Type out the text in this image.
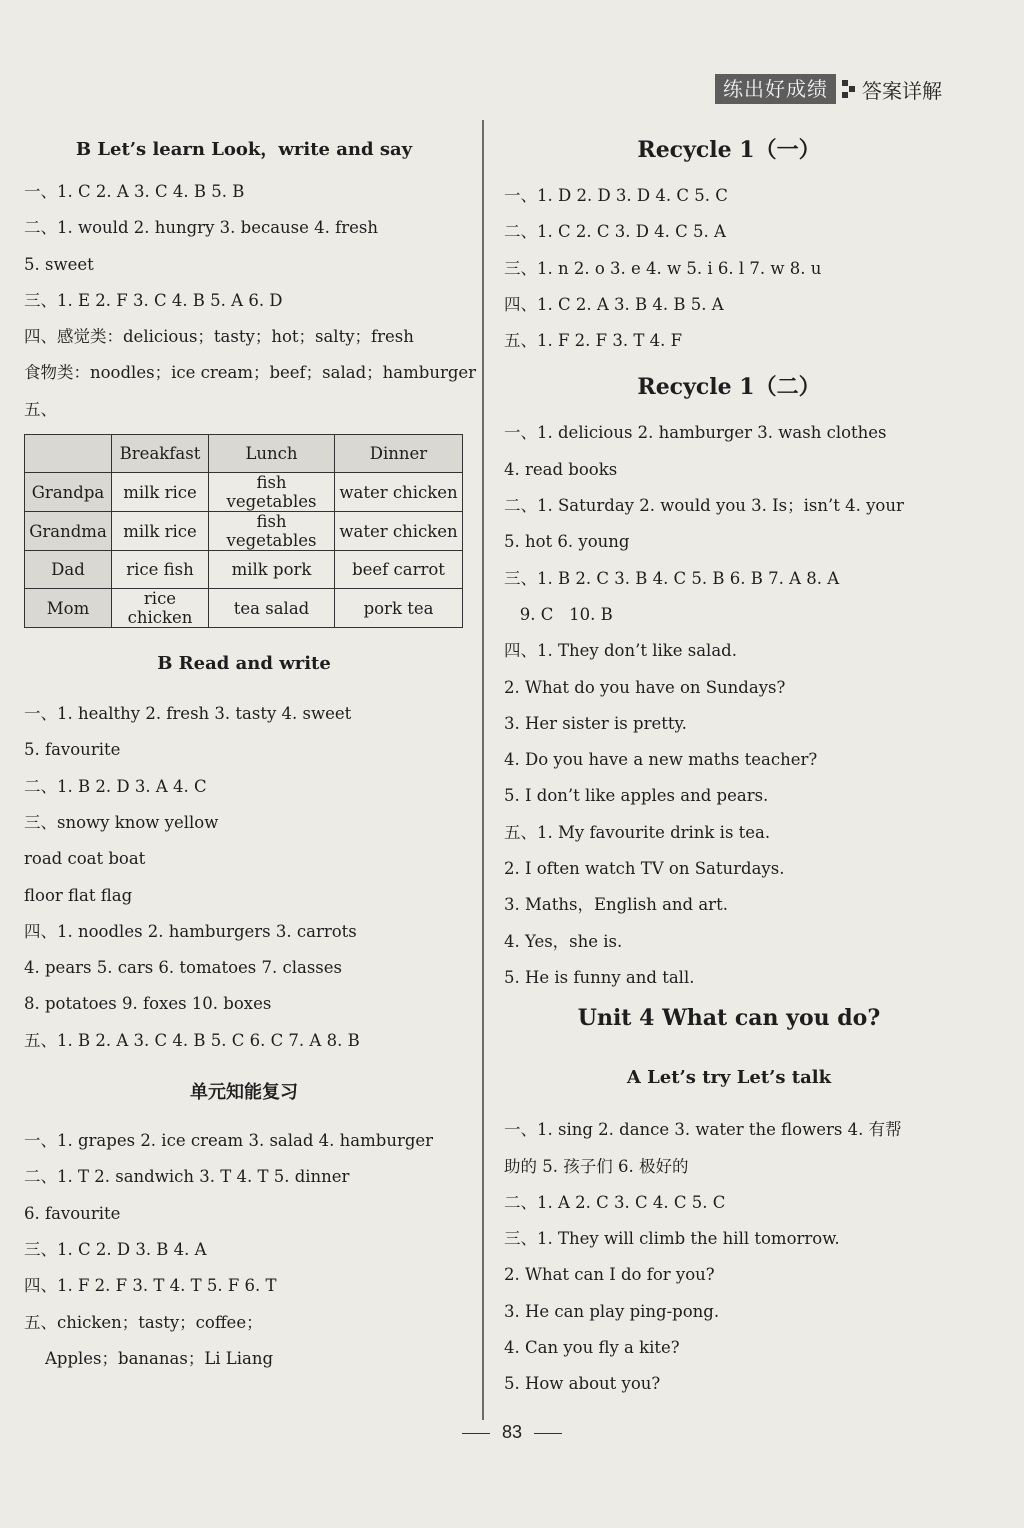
练出好成绩	答案详解
B Let’s learn Look，write and say
一、1. C 2. A 3. C 4. B 5. B
二、1. would 2. hungry 3. because 4. fresh
5. sweet
三、1. E 2. F 3. C 4. B 5. A 6. D
四、感觉类：delicious；tasty；hot；salty；fresh
食物类：noodles；ice cream；beef；salad；hamburger
五、
	Breakfast	Lunch	Dinner
Grandpa	milk rice	fish vegetables	water chicken
Grandma	milk rice	fish vegetables	water chicken
Dad	rice fish	milk pork	beef carrot
Mom	rice chicken	tea salad	pork tea
B Read and write
一、1. healthy 2. fresh 3. tasty 4. sweet
5. favourite
二、1. B 2. D 3. A 4. C
三、snowy know yellow
road coat boat
floor flat flag
四、1. noodles 2. hamburgers 3. carrots
4. pears 5. cars 6. tomatoes 7. classes
8. potatoes 9. foxes 10. boxes
五、1. B 2. A 3. C 4. B 5. C 6. C 7. A 8. B
单元知能复习
一、1. grapes 2. ice cream 3. salad 4. hamburger
二、1. T 2. sandwich 3. T 4. T 5. dinner
6. favourite
三、1. C 2. D 3. B 4. A
四、1. F 2. F 3. T 4. T 5. F 6. T
五、chicken；tasty；coffee；
Apples；bananas；Li Liang
Recycle 1（一）
一、1. D 2. D 3. D 4. C 5. C
二、1. C 2. C 3. D 4. C 5. A
三、1. n 2. o 3. e 4. w 5. i 6. l 7. w 8. u
四、1. C 2. A 3. B 4. B 5. A
五、1. F 2. F 3. T 4. F
Recycle 1（二）
一、1. delicious 2. hamburger 3. wash clothes
4. read books
二、1. Saturday 2. would you 3. Is；isn’t 4. your
5. hot 6. young
三、1. B 2. C 3. B 4. C 5. B 6. B 7. A 8. A
9. C   10. B
四、1. They don’t like salad.
2. What do you have on Sundays?
3. Her sister is pretty.
4. Do you have a new maths teacher?
5. I don’t like apples and pears.
五、1. My favourite drink is tea.
2. I often watch TV on Saturdays.
3. Maths，English and art.
4. Yes，she is.
5. He is funny and tall.
Unit 4 What can you do?
A Let’s try Let’s talk
一、1. sing 2. dance 3. water the flowers 4. 有帮
助的 5. 孩子们 6. 极好的
二、1. A 2. C 3. C 4. C 5. C
三、1. They will climb the hill tomorrow.
2. What can I do for you?
3. He can play ping-pong.
4. Can you fly a kite?
5. How about you?
83
